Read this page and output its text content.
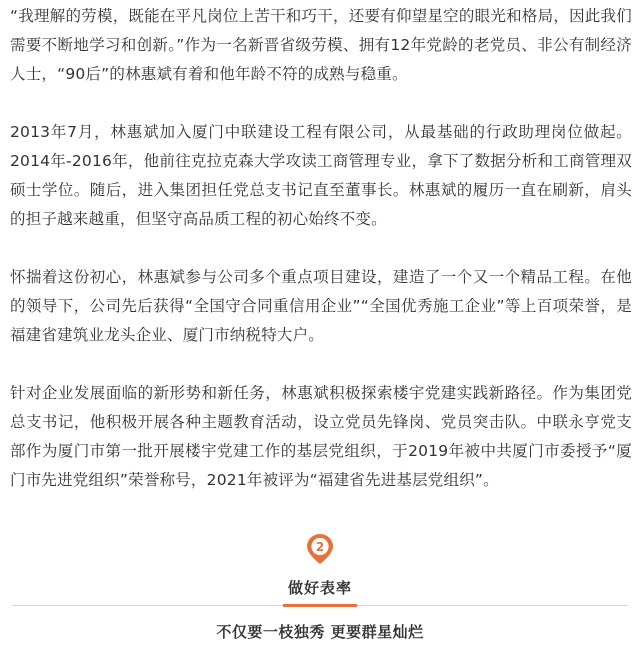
“我理解的劳模，既能在平凡岗位上苦干和巧干，还要有仰望星空的眼光和格局，因此我们需要不断地学习和创新。”作为一名新晋省级劳模、拥有12年党龄的老党员、非公有制经济人士，“90后”的林惠斌有着和他年龄不符的成熟与稳重。

2013年7月，林惠斌加入厦门中联建设工程有限公司，从最基础的行政助理岗位做起。2014年-2016年，他前往克拉克森大学攻读工商管理专业，拿下了数据分析和工商管理双硕士学位。随后，进入集团担任党总支书记直至董事长。林惠斌的履历一直在刷新，肩头的担子越来越重，但坚守高品质工程的初心始终不变。

怀揣着这份初心，林惠斌参与公司多个重点项目建设，建造了一个又一个精品工程。在他的领导下，公司先后获得“全国守合同重信用企业”“全国优秀施工企业”等上百项荣誉，是福建省建筑业龙头企业、厦门市纳税特大户。

针对企业发展面临的新形势和新任务，林惠斌积极探索楼宇党建实践新路径。作为集团党总支书记，他积极开展各种主题教育活动，设立党员先锋岗、党员突击队。中联永亨党支部作为厦门市第一批开展楼宇党建工作的基层党组织，于2019年被中共厦门市委授予“厦门市先进党组织”荣誉称号，2021年被评为“福建省先进基层党组织”。

2
做好表率
不仅要一枝独秀 更要群星灿烂
